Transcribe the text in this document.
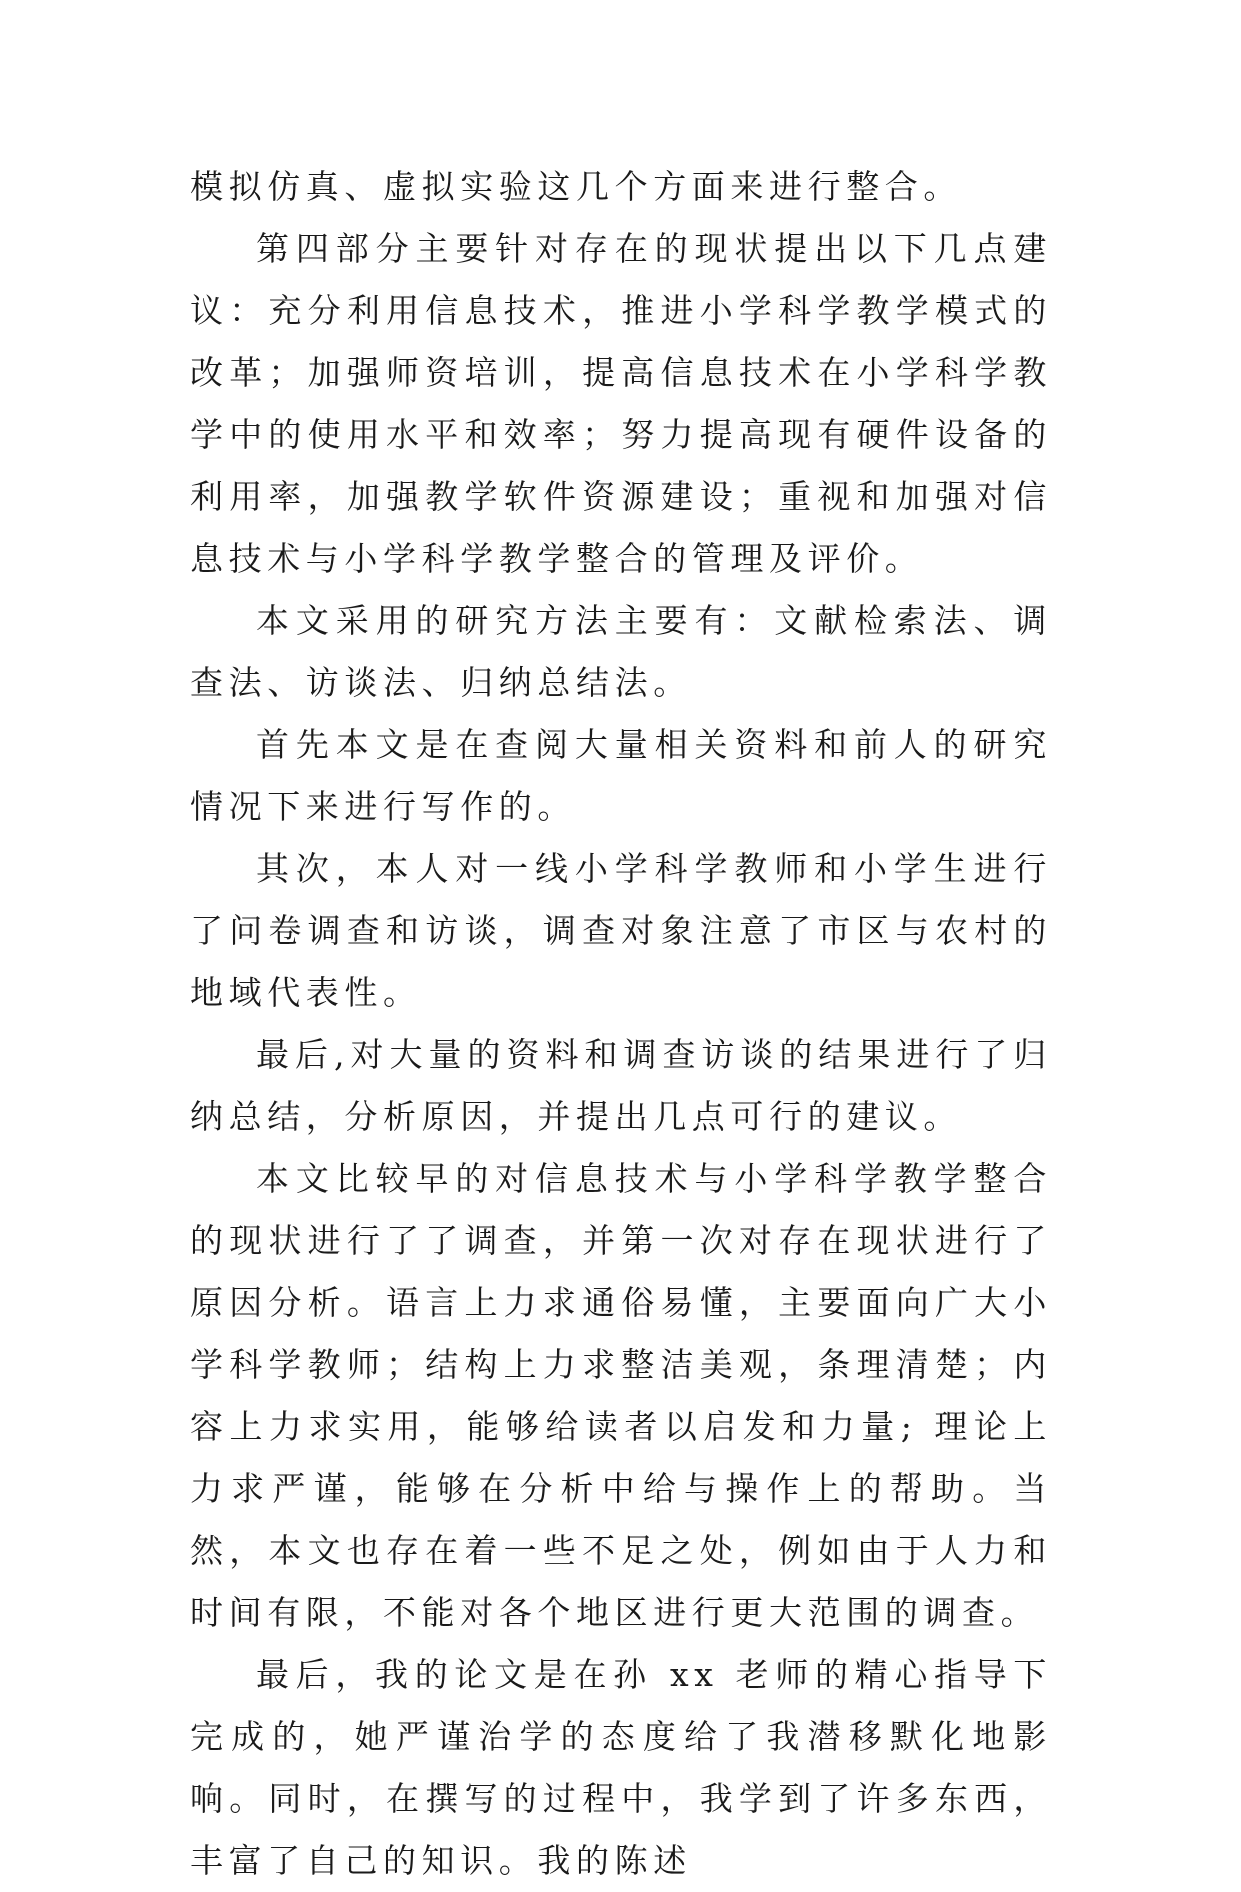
模拟仿真、虚拟实验这几个方面来进行整合。

第四部分主要针对存在的现状提出以下几点建议：充分利用信息技术，推进小学科学教学模式的改革；加强师资培训，提高信息技术在小学科学教学中的使用水平和效率；努力提高现有硬件设备的利用率，加强教学软件资源建设；重视和加强对信息技术与小学科学教学整合的管理及评价。

本文采用的研究方法主要有：文献检索法、调查法、访谈法、归纳总结法。

首先本文是在查阅大量相关资料和前人的研究情况下来进行写作的。

其次，本人对一线小学科学教师和小学生进行了问卷调查和访谈，调查对象注意了市区与农村的地域代表性。

最后,对大量的资料和调查访谈的结果进行了归纳总结，分析原因，并提出几点可行的建议。

本文比较早的对信息技术与小学科学教学整合的现状进行了了调查，并第一次对存在现状进行了原因分析。语言上力求通俗易懂，主要面向广大小学科学教师；结构上力求整洁美观，条理清楚；内容上力求实用，能够给读者以启发和力量; 理论上力求严谨，能够在分析中给与操作上的帮助。当然，本文也存在着一些不足之处，例如由于人力和时间有限，不能对各个地区进行更大范围的调查。

最后，我的论文是在孙 xx 老师的精心指导下完成的，她严谨治学的态度给了我潜移默化地影响。同时，在撰写的过程中，我学到了许多东西，丰富了自己的知识。我的陈述
